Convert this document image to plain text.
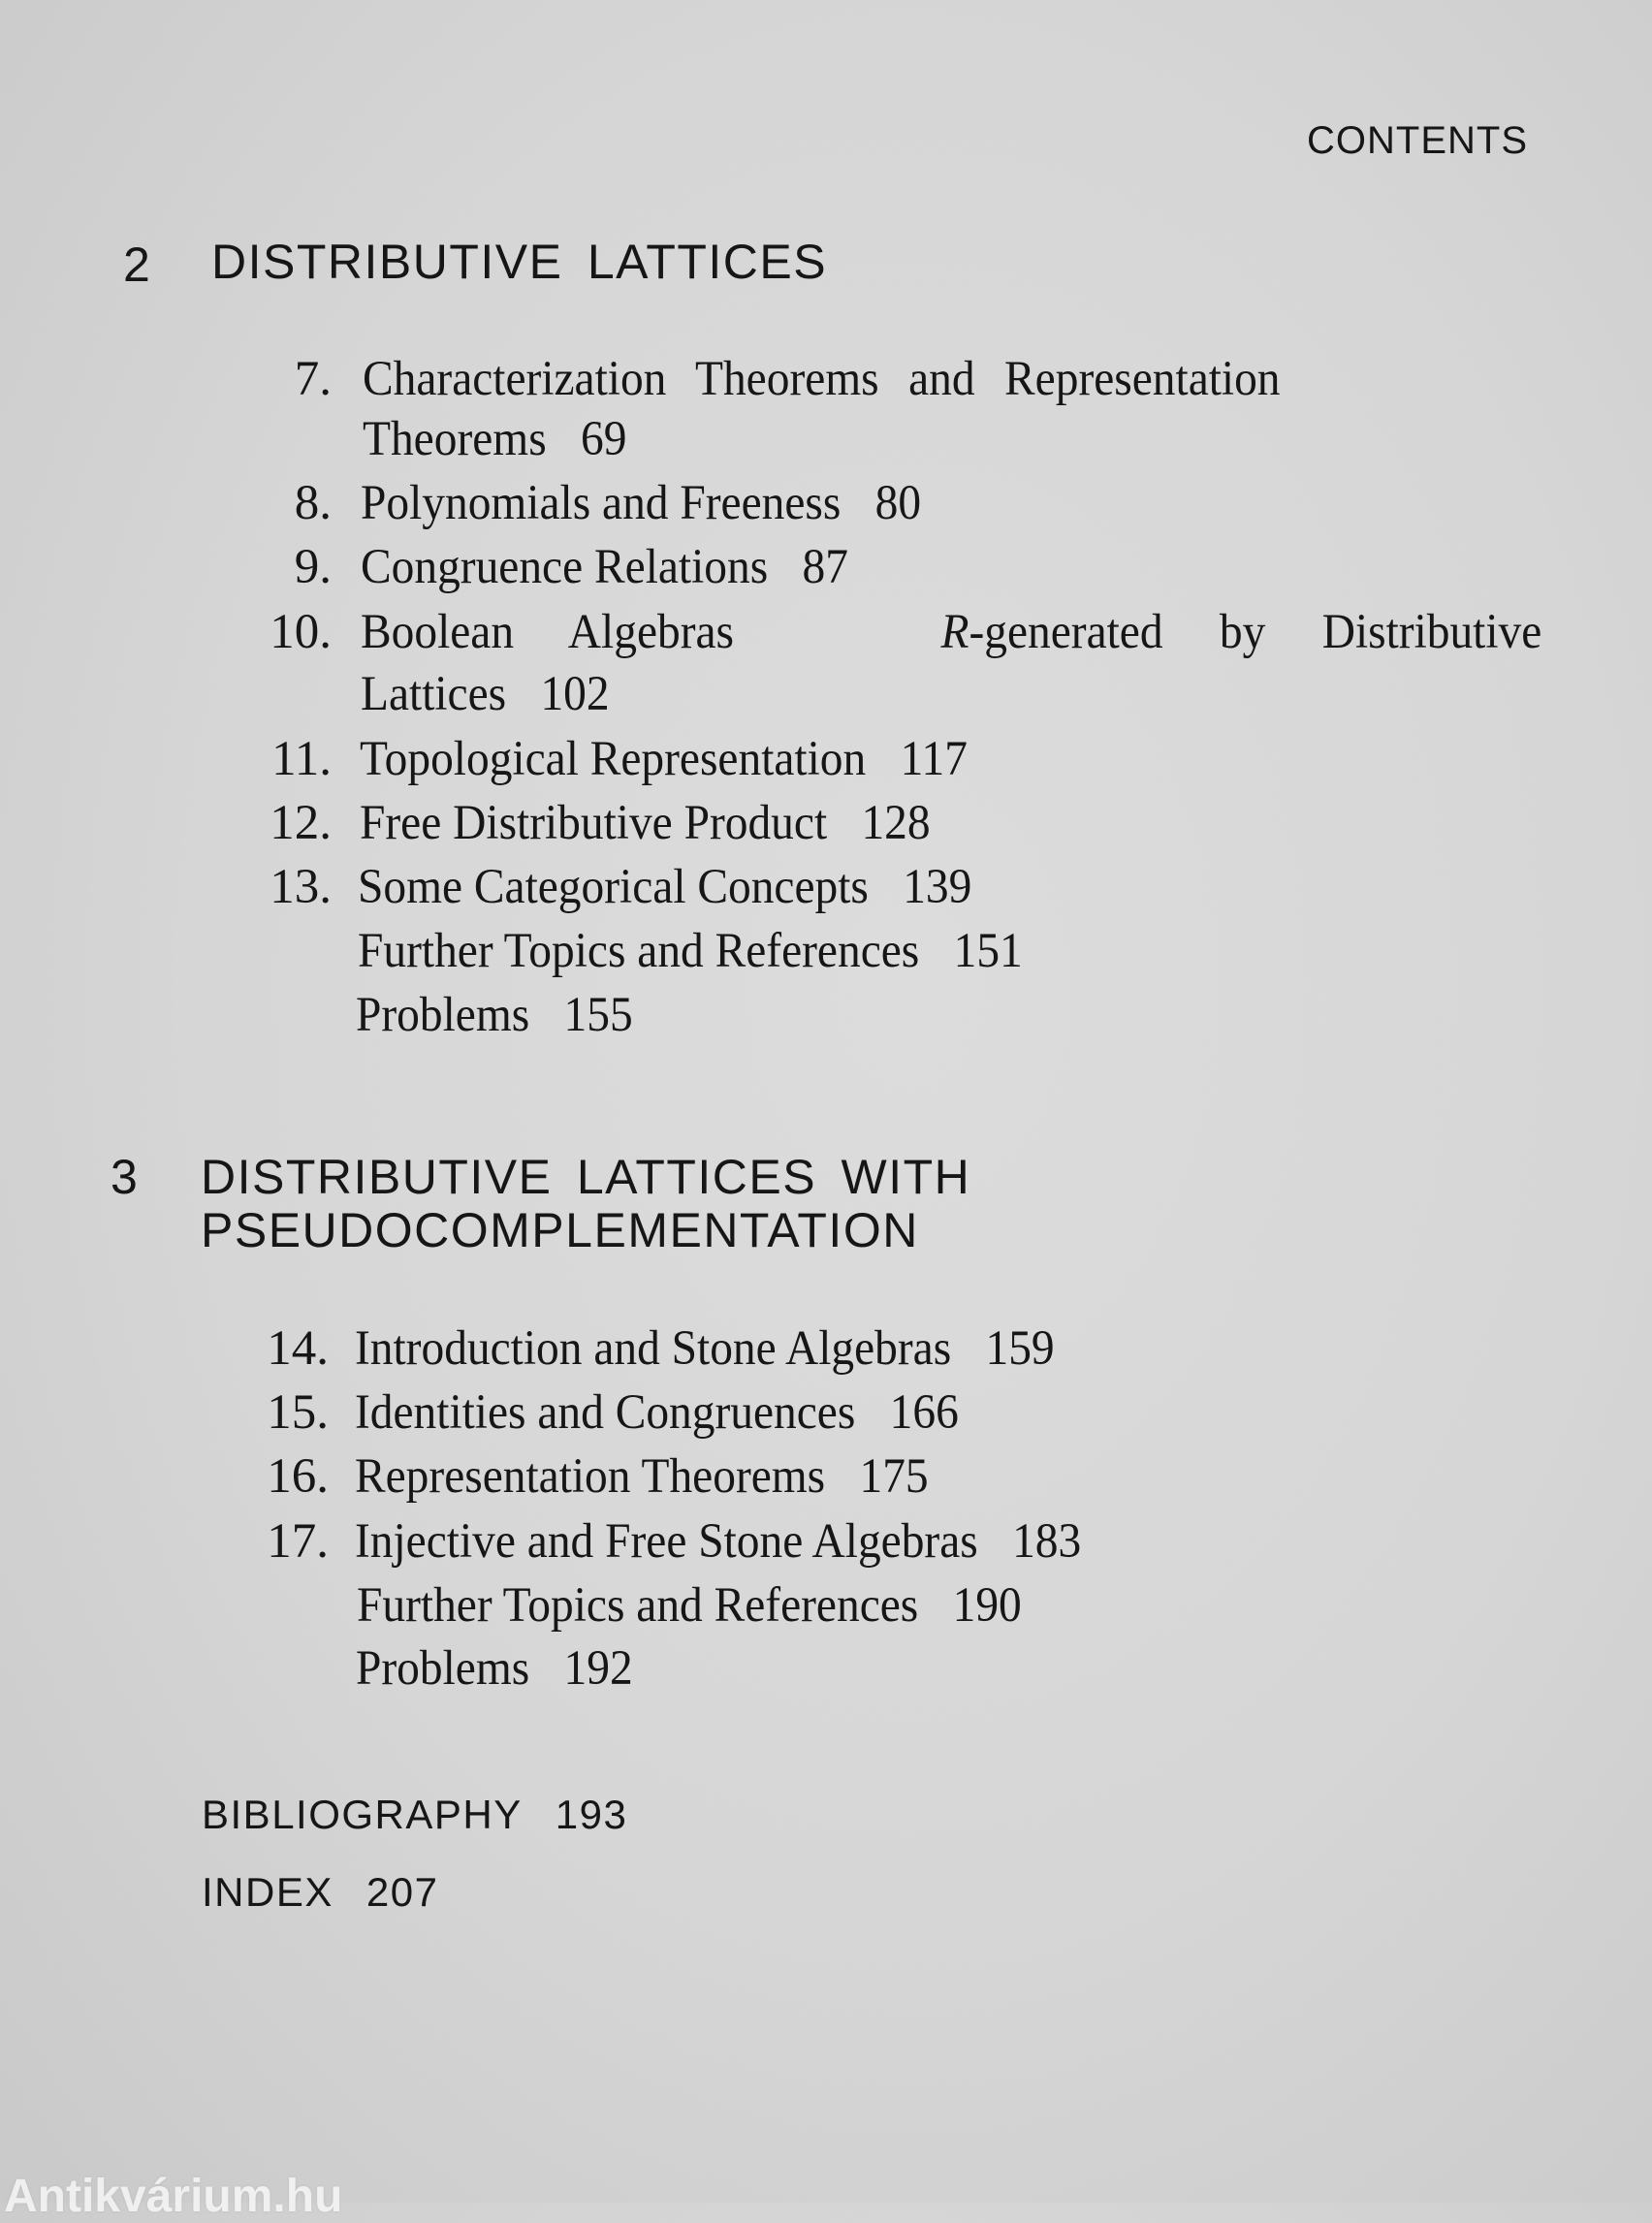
CONTENTS
2 DISTRIBUTIVE LATTICES
7. Characterization Theorems and Representation
Theorems 69
8. Polynomials and Freeness 80
9. Congruence Relations 87
10. Boolean Algebras	R-generated by Distributive
Lattices 102
11. Topological Representation 117
12. Free Distributive Product 128
13. Some Categorical Concepts 139
Further Topics and References 151
Problems 155
3 DISTRIBUTIVE LATTICES WITH
PSEUDOCOMPLEMENTATION
14. Introduction and Stone Algebras 159
15. Identities and Congruences 166
16. Representation Theorems 175
17. Injective and Free Stone Algebras 183
Further Topics and References 190
Problems 192
BIBLIOGRAPHY 193
INDEX 207
Antikvárium.hu
